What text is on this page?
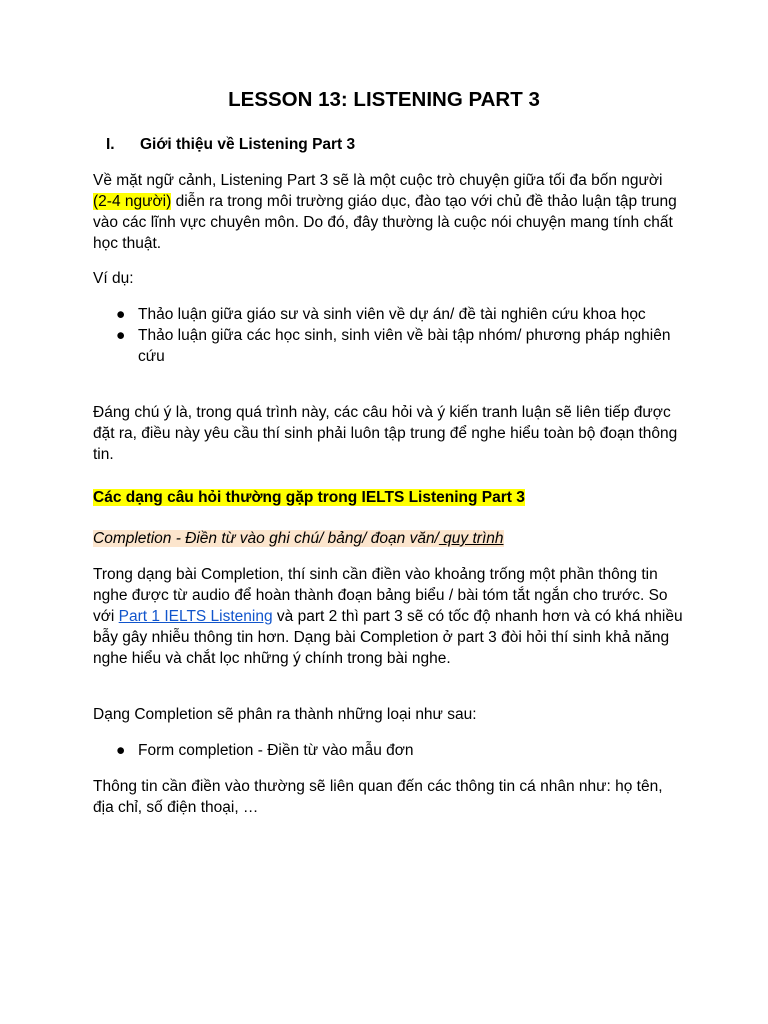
LESSON 13: LISTENING PART 3
I. Giới thiệu về Listening Part 3

Về mặt ngữ cảnh, Listening Part 3 sẽ là một cuộc trò chuyện giữa tối đa bốn người (2-4 người) diễn ra trong môi trường giáo dục, đào tạo với chủ đề thảo luận tập trung vào các lĩnh vực chuyên môn. Do đó, đây thường là cuộc nói chuyện mang tính chất học thuật.

Ví dụ:

● Thảo luận giữa giáo sư và sinh viên về dự án/ đề tài nghiên cứu khoa học
● Thảo luận giữa các học sinh, sinh viên về bài tập nhóm/ phương pháp nghiên cứu

Đáng chú ý là, trong quá trình này, các câu hỏi và ý kiến tranh luận sẽ liên tiếp được đặt ra, điều này yêu cầu thí sinh phải luôn tập trung để nghe hiểu toàn bộ đoạn thông tin.

Các dạng câu hỏi thường gặp trong IELTS Listening Part 3

Completion - Điền từ vào ghi chú/ bảng/ đoạn văn/ quy trình

Trong dạng bài Completion, thí sinh cần điền vào khoảng trống một phần thông tin nghe được từ audio để hoàn thành đoạn bảng biểu / bài tóm tắt ngắn cho trước. So với Part 1 IELTS Listening và part 2 thì part 3 sẽ có tốc độ nhanh hơn và có khá nhiều bẫy gây nhiễu thông tin hơn. Dạng bài Completion ở part 3 đòi hỏi thí sinh khả năng nghe hiểu và chắt lọc những ý chính trong bài nghe.

Dạng Completion sẽ phân ra thành những loại như sau:

● Form completion - Điền từ vào mẫu đơn

Thông tin cần điền vào thường sẽ liên quan đến các thông tin cá nhân như: họ tên, địa chỉ, số điện thoại, …
